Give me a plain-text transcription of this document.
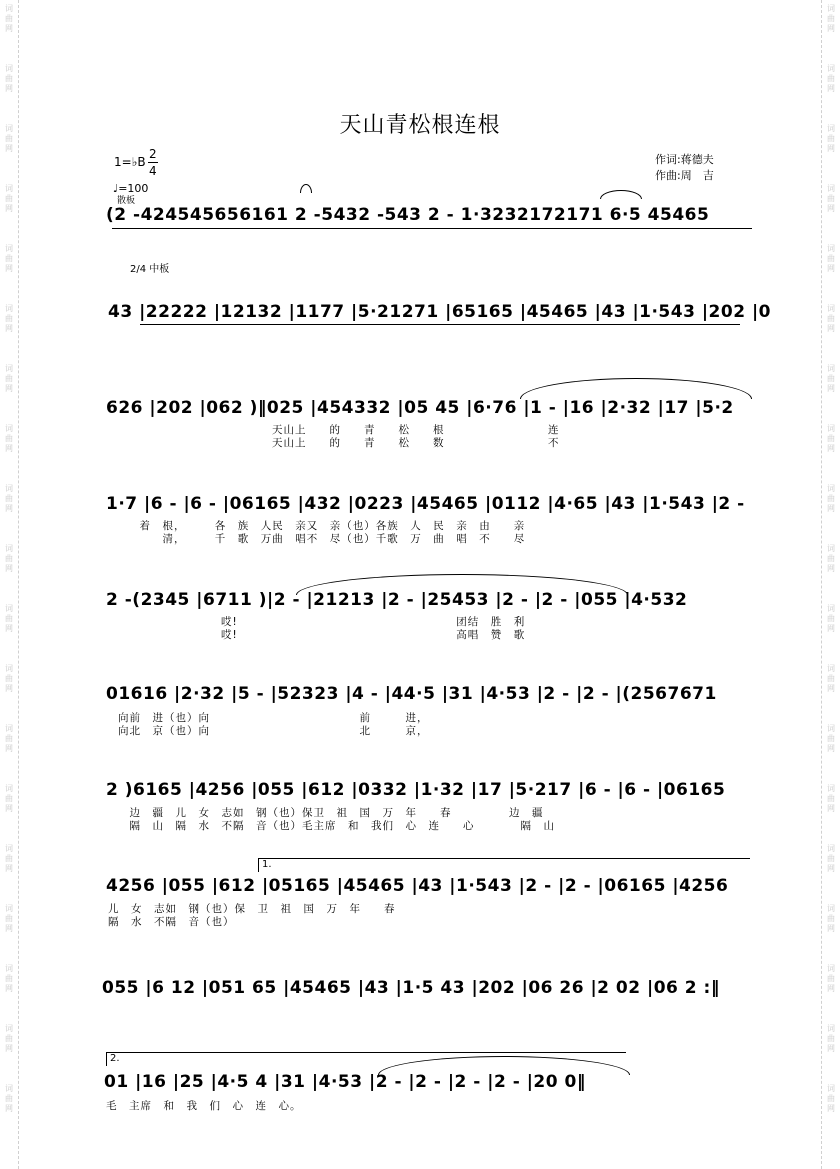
词
曲
网
词
曲
网
词
曲
网
词
曲
网
词
曲
网
词
曲
网
词
曲
网
词
曲
网
词
曲
网
词
曲
网
词
曲
网
词
曲
网
词
曲
网
词
曲
网
词
曲
网
词
曲
网
词
曲
网
词
曲
网
词
曲
网
词
曲
网
词
曲
网
词
曲
网
词
曲
网
词
曲
网
词
曲
网
词
曲
网
词
曲
网
词
曲
网
词
曲
网
词
曲
网
词
曲
网
词
曲
网
词
曲
网
词
曲
网
词
曲
网
词
曲
网
词
曲
网
词
曲
网
天山青松根连根
1=♭B
2
4
♩=100
散板
作词:蒋德夫
作曲:周　吉
2/4 中板
(2 -424545656161 2 -5432 -543 2 - 1·3232172171 6·5 45465
43 |22222 |12132 |1177 |5·21271 |65165 |45465 |43 |1·543 |202 |0
626 |202 |062 )‖025 |454332 |05 45 |6·76 |1 - |16 |2·32 |17 |5·2
天山上　　的　　青　　松　　根　　　　　　　　　连
天山上　　的　　青　　松　　数　　　　　　　　　不
1·7 |6 - |6 - |06165 |432 |0223 |45465 |0112 |4·65 |43 |1·543 |2 -
　着　根，　　　各　族　人民　亲又　亲（也）各族　人　民　亲　由　　亲
　　　清，　　　千　歌　万曲　唱不　尽（也）千歌　万　曲　唱　不　　尽
2 -(2345 |6711 )|2 - |21213 |2 - |25453 |2 - |2 - |055 |4·532
　　　　　　　　　　哎!　　　　　　　　　　　　　　　　　　　团结　胜　利
　　　　　　　　　　哎!　　　　　　　　　　　　　　　　　　　高唱　赞　歌
01616 |2·32 |5 - |52323 |4 - |44·5 |31 |4·53 |2 - |2 - |(2567671
向前　进（也）向　　　　　　　　　　　　　前　　　进，
向北　京（也）向　　　　　　　　　　　　　北　　　京，
2 )6165 |4256 |055 |612 |0332 |1·32 |17 |5·217 |6 - |6 - |06165
　边　疆　儿　女　志如　钢（也）保卫　祖　国　万　年　　春　　　　　边　疆
　隔　山　隔　水　不隔　音（也）毛主席　和　我们　心　连　　心　　　　隔　山
1.
4256 |055 |612 |05165 |45465 |43 |1·543 |2 - |2 - |06165 |4256
儿　女　志如　钢（也）保　卫　祖　国　万　年　　春
隔　水　不隔　音（也）
055 |6 12 |051 65 |45465 |43 |1·5 43 |202 |06 26 |2 02 |06 2 :‖
2.
01 |16 |25 |4·5 4 |31 |4·53 |2 - |2 - |2 - |2 - |20 0‖
毛　主席　和　我　们　心　连　心。
